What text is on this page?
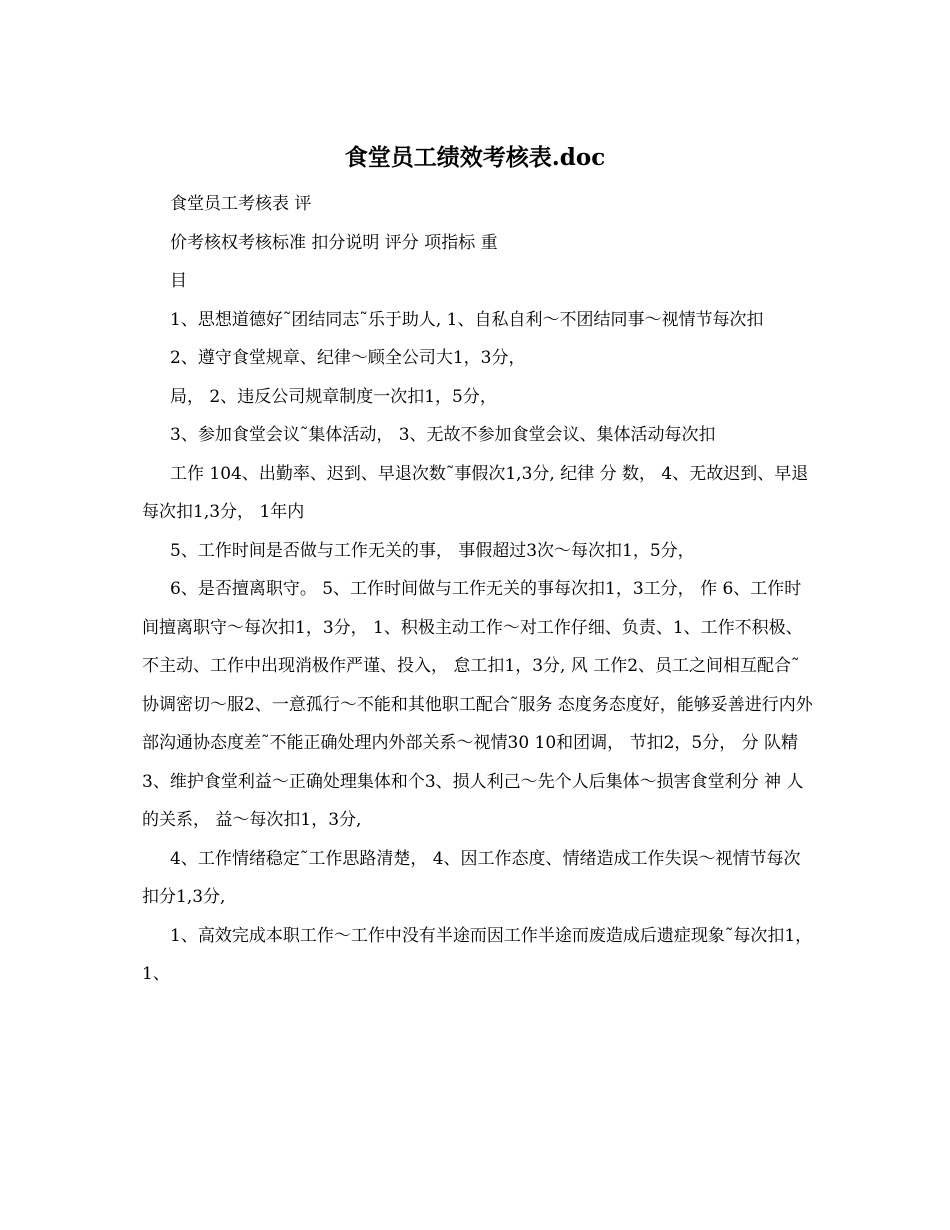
食堂员工绩效考核表.doc

食堂员工考核表 评

价考核权考核标准 扣分说明 评分 项指标 重

目

1、思想道德好˜团结同志˜乐于助人, 1、自私自利～不团结同事～视情节每次扣

2、遵守食堂规章、纪律～顾全公司大1，3分，

局， 2、违反公司规章制度一次扣1，5分，

3、参加食堂会议˜集体活动， 3、无故不参加食堂会议、集体活动每次扣

工作 104、出勤率、迟到、早退次数˜事假次1,3分, 纪律 分 数， 4、无故迟到、早退每次扣1,3分， 1年内

5、工作时间是否做与工作无关的事， 事假超过3次～每次扣1，5分，

6、是否擅离职守。 5、工作时间做与工作无关的事每次扣1，3工分， 作 6、工作时间擅离职守～每次扣1，3分， 1、积极主动工作～对工作仔细、负责、1、工作不积极、不主动、工作中出现消极作严谨、投入， 怠工扣1，3分, 风 工作2、员工之间相互配合˜协调密切～服2、一意孤行～不能和其他职工配合˜服务 态度务态度好，能够妥善进行内外部沟通协态度差˜不能正确处理内外部关系～视情30 10和团调， 节扣2，5分， 分 队精3、维护食堂利益～正确处理集体和个3、损人利己～先个人后集体～损害食堂利分 神 人的关系， 益～每次扣1，3分,

4、工作情绪稳定˜工作思路清楚， 4、因工作态度、情绪造成工作失误～视情节每次扣分1,3分,

1、高效完成本职工作～工作中没有半途而因工作半途而废造成后遗症现象˜每次扣1，1、
